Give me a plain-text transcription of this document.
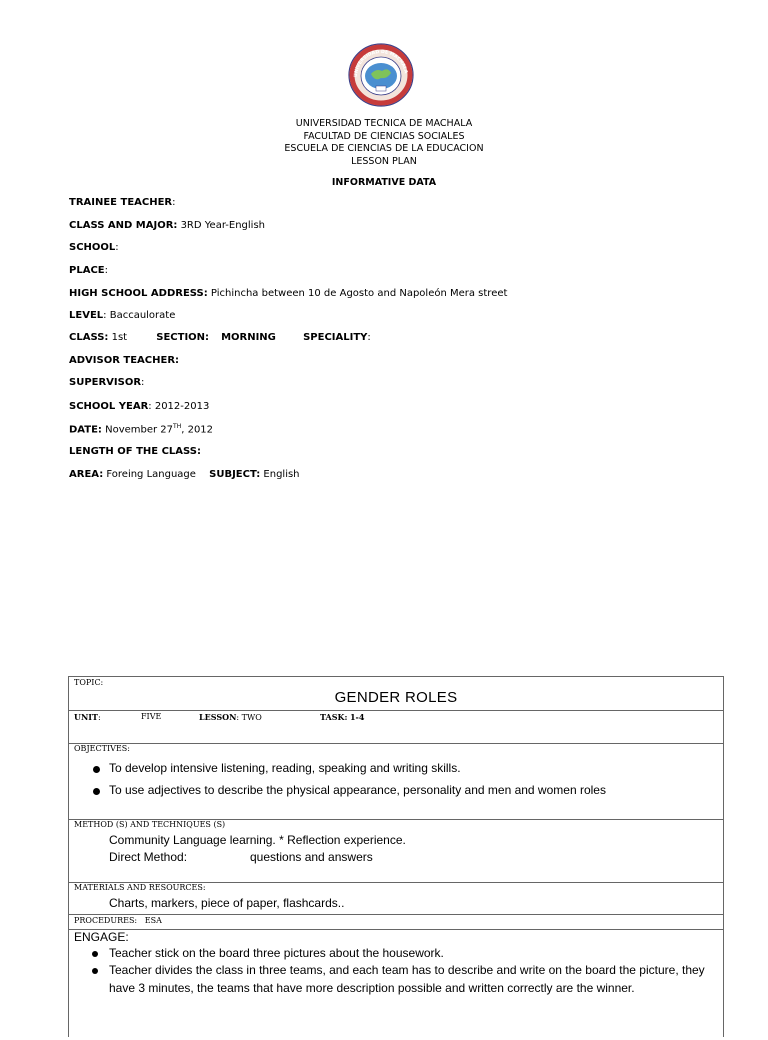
UNIVERSIDAD DE MACHALA
UNIVERSIDAD TECNICA DE MACHALA
FACULTAD DE CIENCIAS SOCIALES
ESCUELA DE CIENCIAS DE LA EDUCACION
LESSON PLAN
INFORMATIVE DATA
TRAINEE TEACHER:
CLASS AND MAJOR: 3RD Year-English
SCHOOL:
PLACE:
HIGH SCHOOL ADDRESS: Pichincha between 10 de Agosto and Napoleón Mera street
LEVEL: Baccaulorate
CLASS: 1st	SECTION: MORNING	SPECIALITY:
ADVISOR TEACHER:
SUPERVISOR:
SCHOOL YEAR: 2012-2013
DATE: November 27TH, 2012
LENGTH OF THE CLASS:
AREA: Foreing Language SUBJECT: English
TOPIC:
GENDER ROLES
UNIT:	FIVE	LESSON: TWO	TASK: 1-4
OBJECTIVES:
To develop intensive listening, reading, speaking and writing skills.
To use adjectives to describe the physical appearance, personality and men and women roles
METHOD (S) AND TECHNIQUES (S)
Community Language learning. * Reflection experience.
Direct Method:	questions and answers
MATERIALS AND RESOURCES:
Charts, markers, piece of paper, flashcards..
PROCEDURES: ESA
ENGAGE:
Teacher stick on the board three pictures about the housework.
Teacher divides the class in three teams, and each team has to describe and write on the board the picture, they have 3 minutes, the teams that have more description possible and written correctly are the winner.
